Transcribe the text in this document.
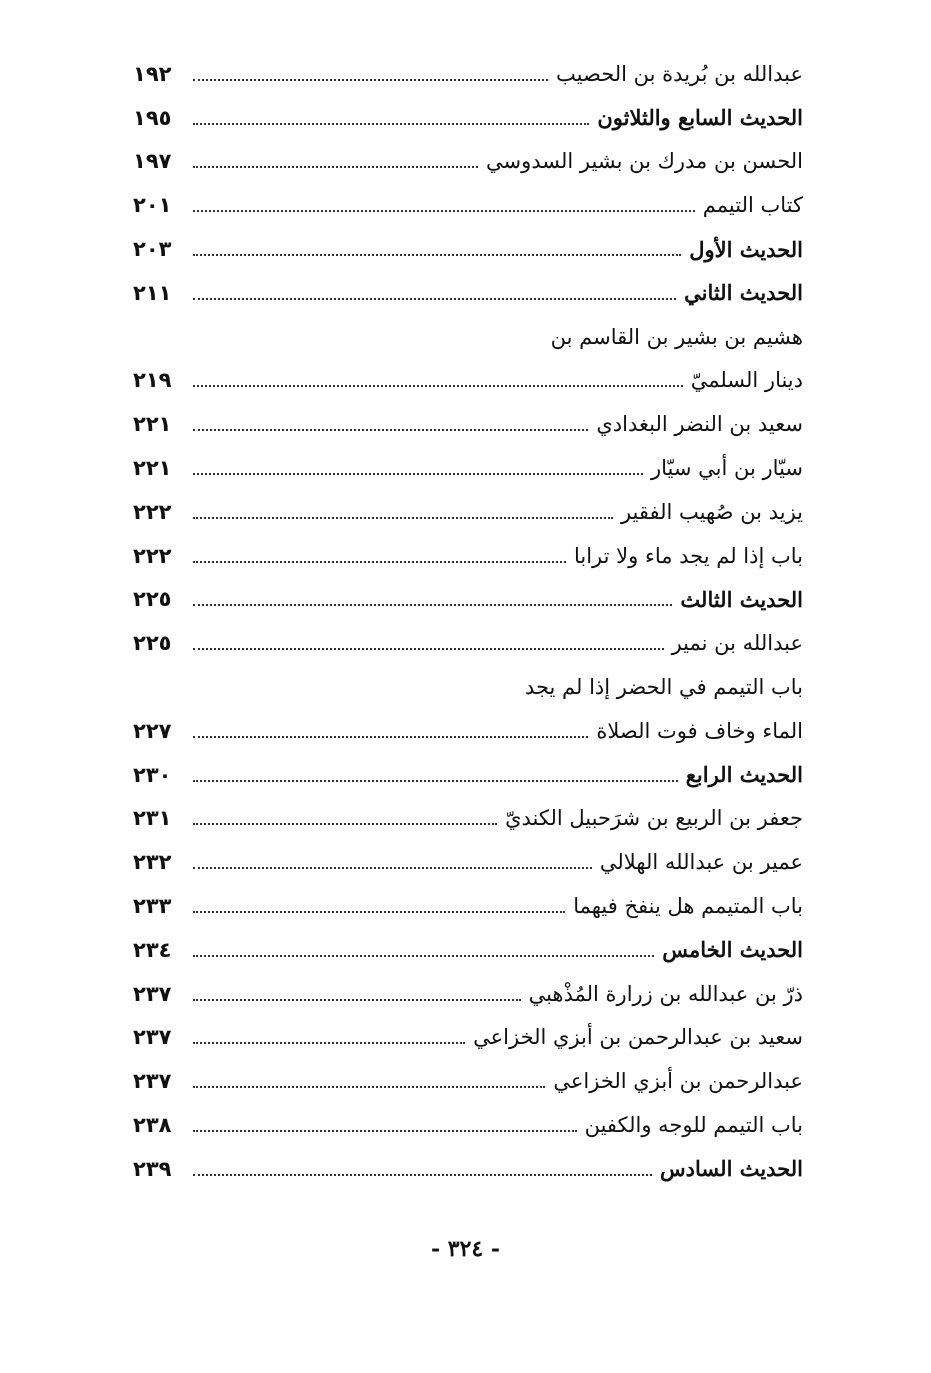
عبدالله بن بُريدة بن الحصيب
١٩٢
الحديث السابع والثلاثون
١٩٥
الحسن بن مدرك بن بشير السدوسي
١٩٧
كتاب التيمم
٢٠١
الحديث الأول
٢٠٣
الحديث الثاني
٢١١
هشيم بن بشير بن القاسم بن
دينار السلميّ
٢١٩
سعيد بن النضر البغدادي
٢٢١
سيّار بن أبي سيّار
٢٢١
يزيد بن صُهيب الفقير
٢٢٢
باب إذا لم يجد ماء ولا ترابا
٢٢٢
الحديث الثالث
٢٢٥
عبدالله بن نمير
٢٢٥
باب التيمم في الحضر إذا لم يجد
الماء وخاف فوت الصلاة
٢٢٧
الحديث الرابع
٢٣٠
جعفر بن الربيع بن شرَحبيل الكنديّ
٢٣١
عمير بن عبدالله الهلالي
٢٣٢
باب المتيمم هل ينفخ فيهما
٢٣٣
الحديث الخامس
٢٣٤
ذرّ بن عبدالله بن زرارة المُذْهبي
٢٣٧
سعيد بن عبدالرحمن بن أبزي الخزاعي
٢٣٧
عبدالرحمن بن أبزي الخزاعي
٢٣٧
باب التيمم للوجه والكفين
٢٣٨
الحديث السادس
٢٣٩
- ٣٢٤ -
